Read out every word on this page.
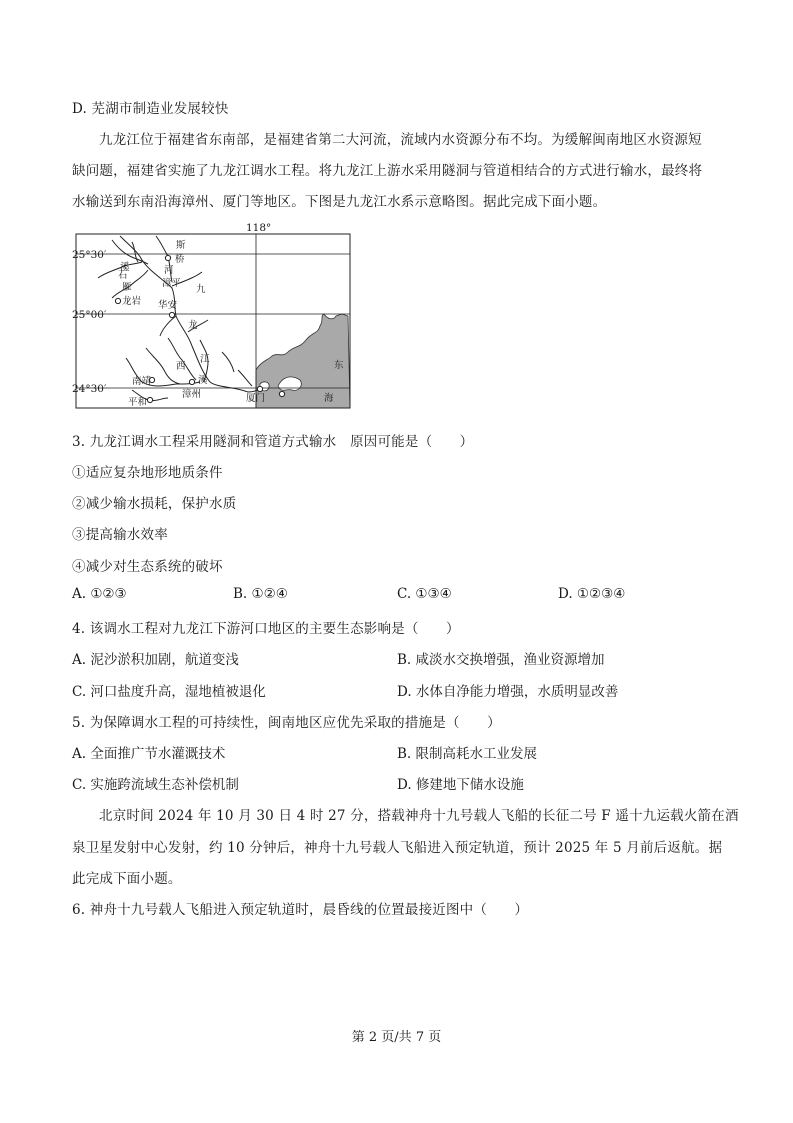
D. 芜湖市制造业发展较快
九龙江位于福建省东南部，是福建省第二大河流，流域内水资源分布不均。为缓解闽南地区水资源短
缺问题，福建省实施了九龙江调水工程。将九龙江上游水采用隧洞与管道相结合的方式进行输水，最终将
水输送到东南沿海漳州、厦门等地区。下图是九龙江水系示意略图。据此完成下面小题。
118°
25°30′
25°00′
24°30′
斯
桥
溪	河
石
雁	漳平
九
龙岩 华安
龙
西
江
溪
南靖
漳州
平和	厦门
东
海
3. 九龙江调水工程采用隧洞和管道方式输水　原因可能是（　　）
①适应复杂地形地质条件
②减少输水损耗，保护水质
③提高输水效率
④减少对生态系统的破坏
A. ①②③	B. ①②④	C. ①③④	D. ①②③④
4. 该调水工程对九龙江下游河口地区的主要生态影响是（　　）
A. 泥沙淤积加剧，航道变浅	B. 咸淡水交换增强，渔业资源增加
C. 河口盐度升高，湿地植被退化	D. 水体自净能力增强，水质明显改善
5. 为保障调水工程的可持续性，闽南地区应优先采取的措施是（　　）
A. 全面推广节水灌溉技术	B. 限制高耗水工业发展
C. 实施跨流域生态补偿机制	D. 修建地下储水设施
北京时间 2024 年 10 月 30 日 4 时 27 分，搭载神舟十九号载人飞船的长征二号 F 遥十九运载火箭在酒
泉卫星发射中心发射，约 10 分钟后，神舟十九号载人飞船进入预定轨道，预计 2025 年 5 月前后返航。据
此完成下面小题。
6. 神舟十九号载人飞船进入预定轨道时，晨昏线的位置最接近图中（　　）
第 2 页/共 7 页
